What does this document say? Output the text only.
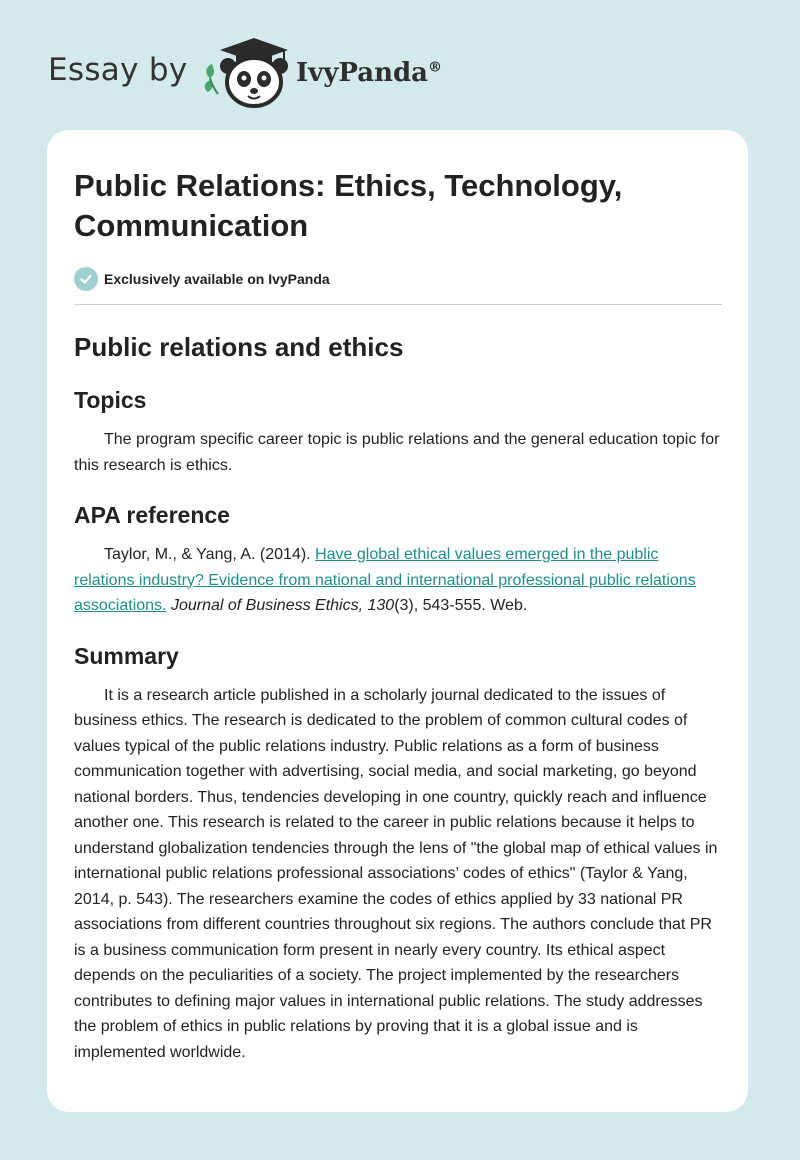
Essay by	IvyPanda®
Public Relations: Ethics, Technology, Communication
Exclusively available on IvyPanda
Public relations and ethics
Topics

The program specific career topic is public relations and the general education topic for this research is ethics.

APA reference

Taylor, M., & Yang, A. (2014). Have global ethical values emerged in the public relations industry? Evidence from national and international professional public relations associations. Journal of Business Ethics, 130(3), 543-555. Web.

Summary

It is a research article published in a scholarly journal dedicated to the issues of business ethics. The research is dedicated to the problem of common cultural codes of values typical of the public relations industry. Public relations as a form of business communication together with advertising, social media, and social marketing, go beyond national borders. Thus, tendencies developing in one country, quickly reach and influence another one. This research is related to the career in public relations because it helps to understand globalization tendencies through the lens of "the global map of ethical values in international public relations professional associations’ codes of ethics" (Taylor & Yang, 2014, p. 543). The researchers examine the codes of ethics applied by 33 national PR associations from different countries throughout six regions. The authors conclude that PR is a business communication form present in nearly every country. Its ethical aspect depends on the peculiarities of a society. The project implemented by the researchers contributes to defining major values in international public relations. The study addresses the problem of ethics in public relations by proving that it is a global issue and is implemented worldwide.
